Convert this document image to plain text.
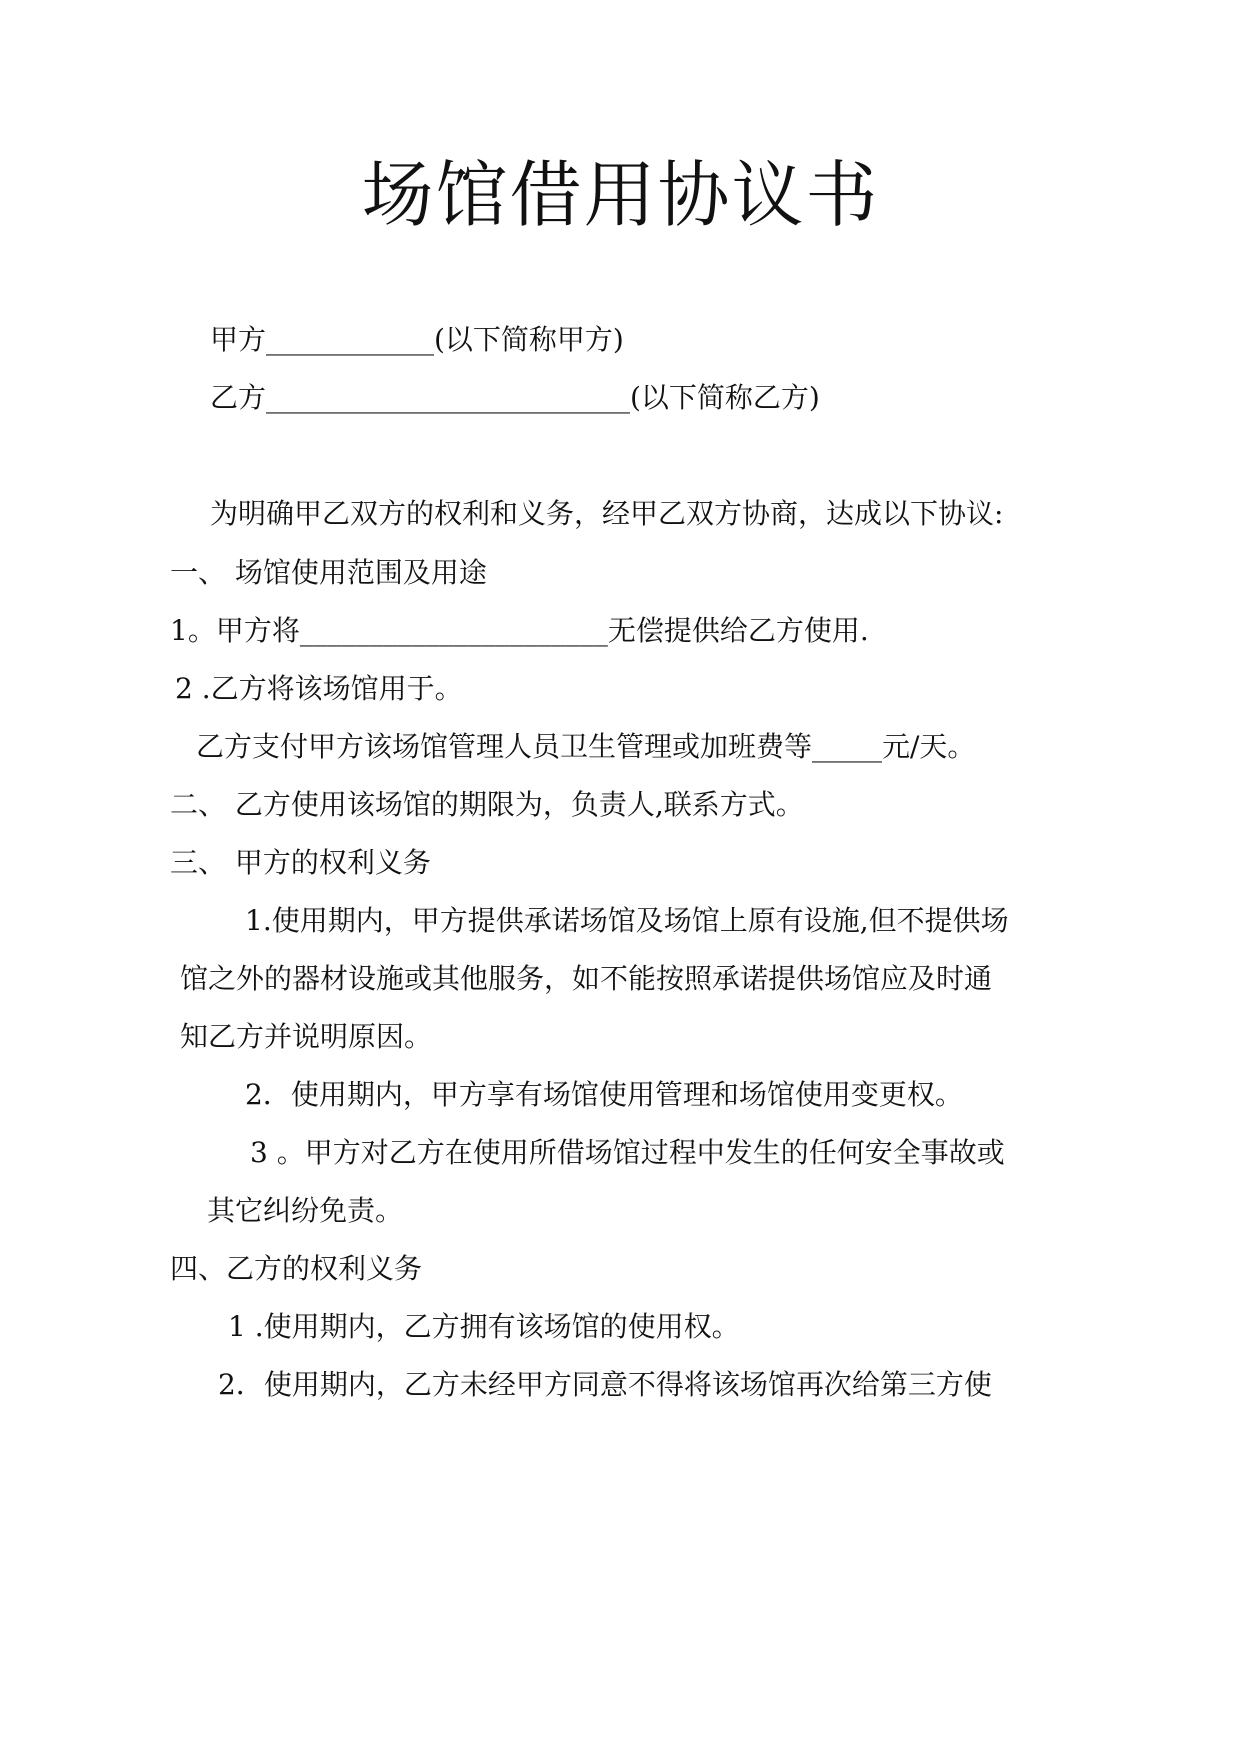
场馆借用协议书
甲方____________(以下简称甲方)
乙方__________________________(以下简称乙方)
为明确甲乙双方的权利和义务，经甲乙双方协商，达成以下协议:
一、 场馆使用范围及用途
1。甲方将______________________无偿提供给乙方使用.
2 .乙方将该场馆用于。
乙方支付甲方该场馆管理人员卫生管理或加班费等_____元/天。
二、 乙方使用该场馆的期限为，负责人,联系方式。
三、 甲方的权利义务
1.使用期内，甲方提供承诺场馆及场馆上原有设施,但不提供场
馆之外的器材设施或其他服务，如不能按照承诺提供场馆应及时通
知乙方并说明原因。
2．使用期内，甲方享有场馆使用管理和场馆使用变更权。
3 。甲方对乙方在使用所借场馆过程中发生的任何安全事故或
其它纠纷免责。
四、乙方的权利义务
1 .使用期内，乙方拥有该场馆的使用权。
2．使用期内，乙方未经甲方同意不得将该场馆再次给第三方使
